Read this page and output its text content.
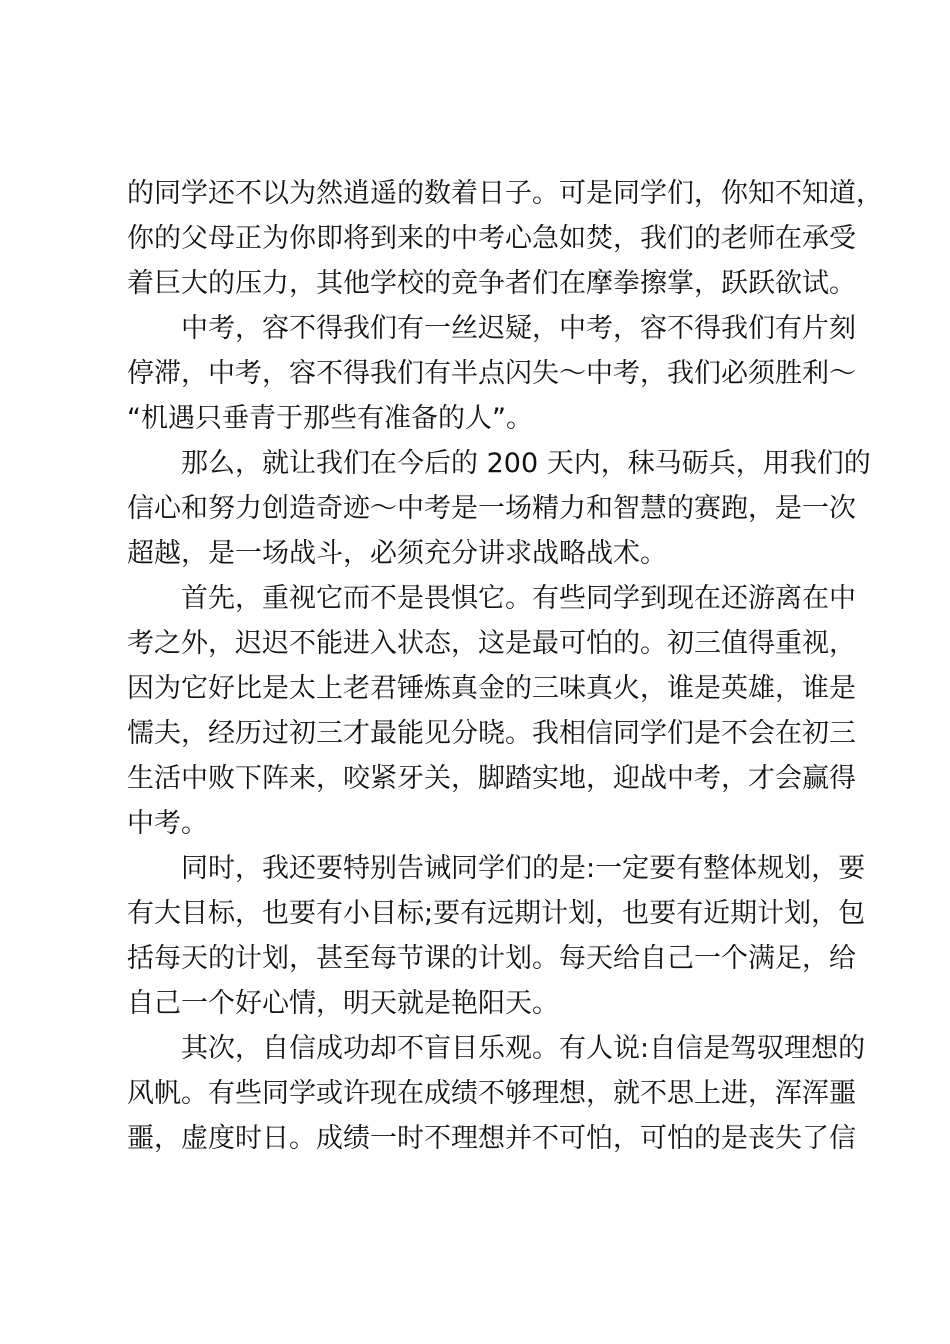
的同学还不以为然逍遥的数着日子。可是同学们，你知不知道，
你的父母正为你即将到来的中考心急如焚，我们的老师在承受
着巨大的压力，其他学校的竞争者们在摩拳擦掌，跃跃欲试。
中考，容不得我们有一丝迟疑，中考，容不得我们有片刻
停滞，中考，容不得我们有半点闪失～中考，我们必须胜利～
“机遇只垂青于那些有准备的人”。
那么，就让我们在今后的 200 天内，秣马砺兵，用我们的
信心和努力创造奇迹～中考是一场精力和智慧的赛跑，是一次
超越，是一场战斗，必须充分讲求战略战术。
首先，重视它而不是畏惧它。有些同学到现在还游离在中
考之外，迟迟不能进入状态，这是最可怕的。初三值得重视，
因为它好比是太上老君锤炼真金的三味真火，谁是英雄，谁是
懦夫，经历过初三才最能见分晓。我相信同学们是不会在初三
生活中败下阵来，咬紧牙关，脚踏实地，迎战中考，才会赢得
中考。
同时，我还要特别告诫同学们的是:一定要有整体规划，要
有大目标，也要有小目标;要有远期计划，也要有近期计划，包
括每天的计划，甚至每节课的计划。每天给自己一个满足，给
自己一个好心情，明天就是艳阳天。
其次，自信成功却不盲目乐观。有人说:自信是驾驭理想的
风帆。有些同学或许现在成绩不够理想，就不思上进，浑浑噩
噩，虚度时日。成绩一时不理想并不可怕，可怕的是丧失了信
